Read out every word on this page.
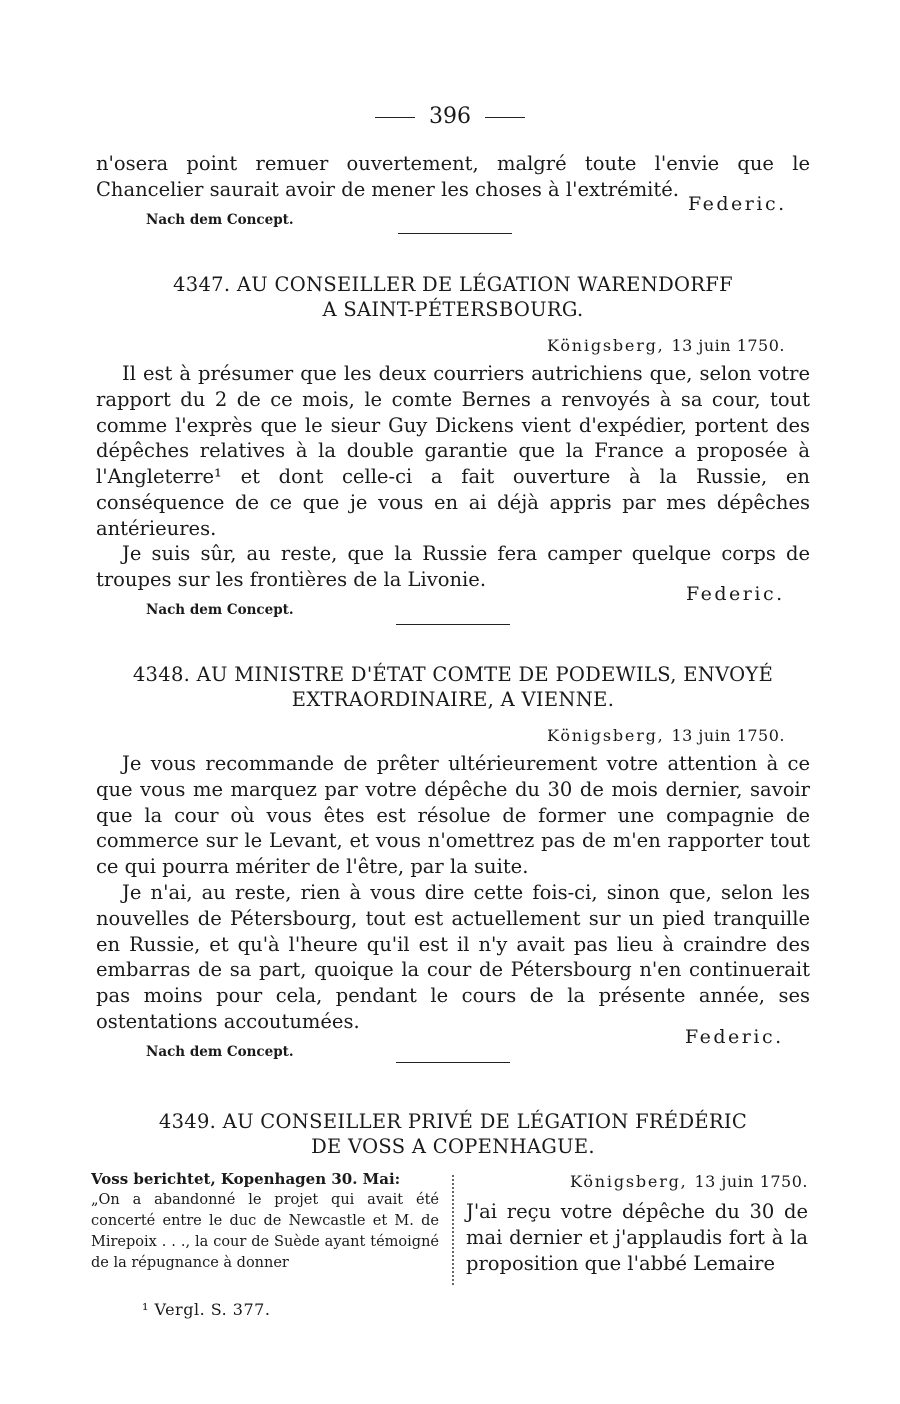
396
n'osera point remuer ouvertement, malgré toute l'envie que le Chancelier saurait avoir de mener les choses à l'extrémité.
Federic.
Nach dem Concept.
4347. AU CONSEILLER DE LÉGATION WARENDORFF
A SAINT-PÉTERSBOURG.
Königsberg, 13 juin 1750.
Il est à présumer que les deux courriers autrichiens que, selon votre rapport du 2 de ce mois, le comte Bernes a renvoyés à sa cour, tout comme l'exprès que le sieur Guy Dickens vient d'expédier, portent des dépêches relatives à la double garantie que la France a proposée à l'Angleterre¹ et dont celle-ci a fait ouverture à la Russie, en conséquence de ce que je vous en ai déjà appris par mes dépêches antérieures.
Je suis sûr, au reste, que la Russie fera camper quelque corps de troupes sur les frontières de la Livonie.
Federic.
Nach dem Concept.
4348. AU MINISTRE D'ÉTAT COMTE DE PODEWILS, ENVOYÉ
EXTRAORDINAIRE, A VIENNE.
Königsberg, 13 juin 1750.
Je vous recommande de prêter ultérieurement votre attention à ce que vous me marquez par votre dépêche du 30 de mois dernier, savoir que la cour où vous êtes est résolue de former une compagnie de commerce sur le Levant, et vous n'omettrez pas de m'en rapporter tout ce qui pourra mériter de l'être, par la suite.
Je n'ai, au reste, rien à vous dire cette fois-ci, sinon que, selon les nouvelles de Pétersbourg, tout est actuellement sur un pied tranquille en Russie, et qu'à l'heure qu'il est il n'y avait pas lieu à craindre des embarras de sa part, quoique la cour de Pétersbourg n'en continuerait pas moins pour cela, pendant le cours de la présente année, ses ostentations accoutumées.
Federic.
Nach dem Concept.
4349. AU CONSEILLER PRIVÉ DE LÉGATION FRÉDÉRIC
DE VOSS A COPENHAGUE.
Voss berichtet, Kopenhagen 30. Mai:
„On a abandonné le projet qui avait été concerté entre le duc de Newcastle et M. de Mirepoix . . ., la cour de Suède ayant témoigné de la répugnance à donner
Königsberg, 13 juin 1750.
J'ai reçu votre dépêche du 30 de mai dernier et j'applaudis fort à la proposition que l'abbé Lemaire
¹ Vergl. S. 377.
